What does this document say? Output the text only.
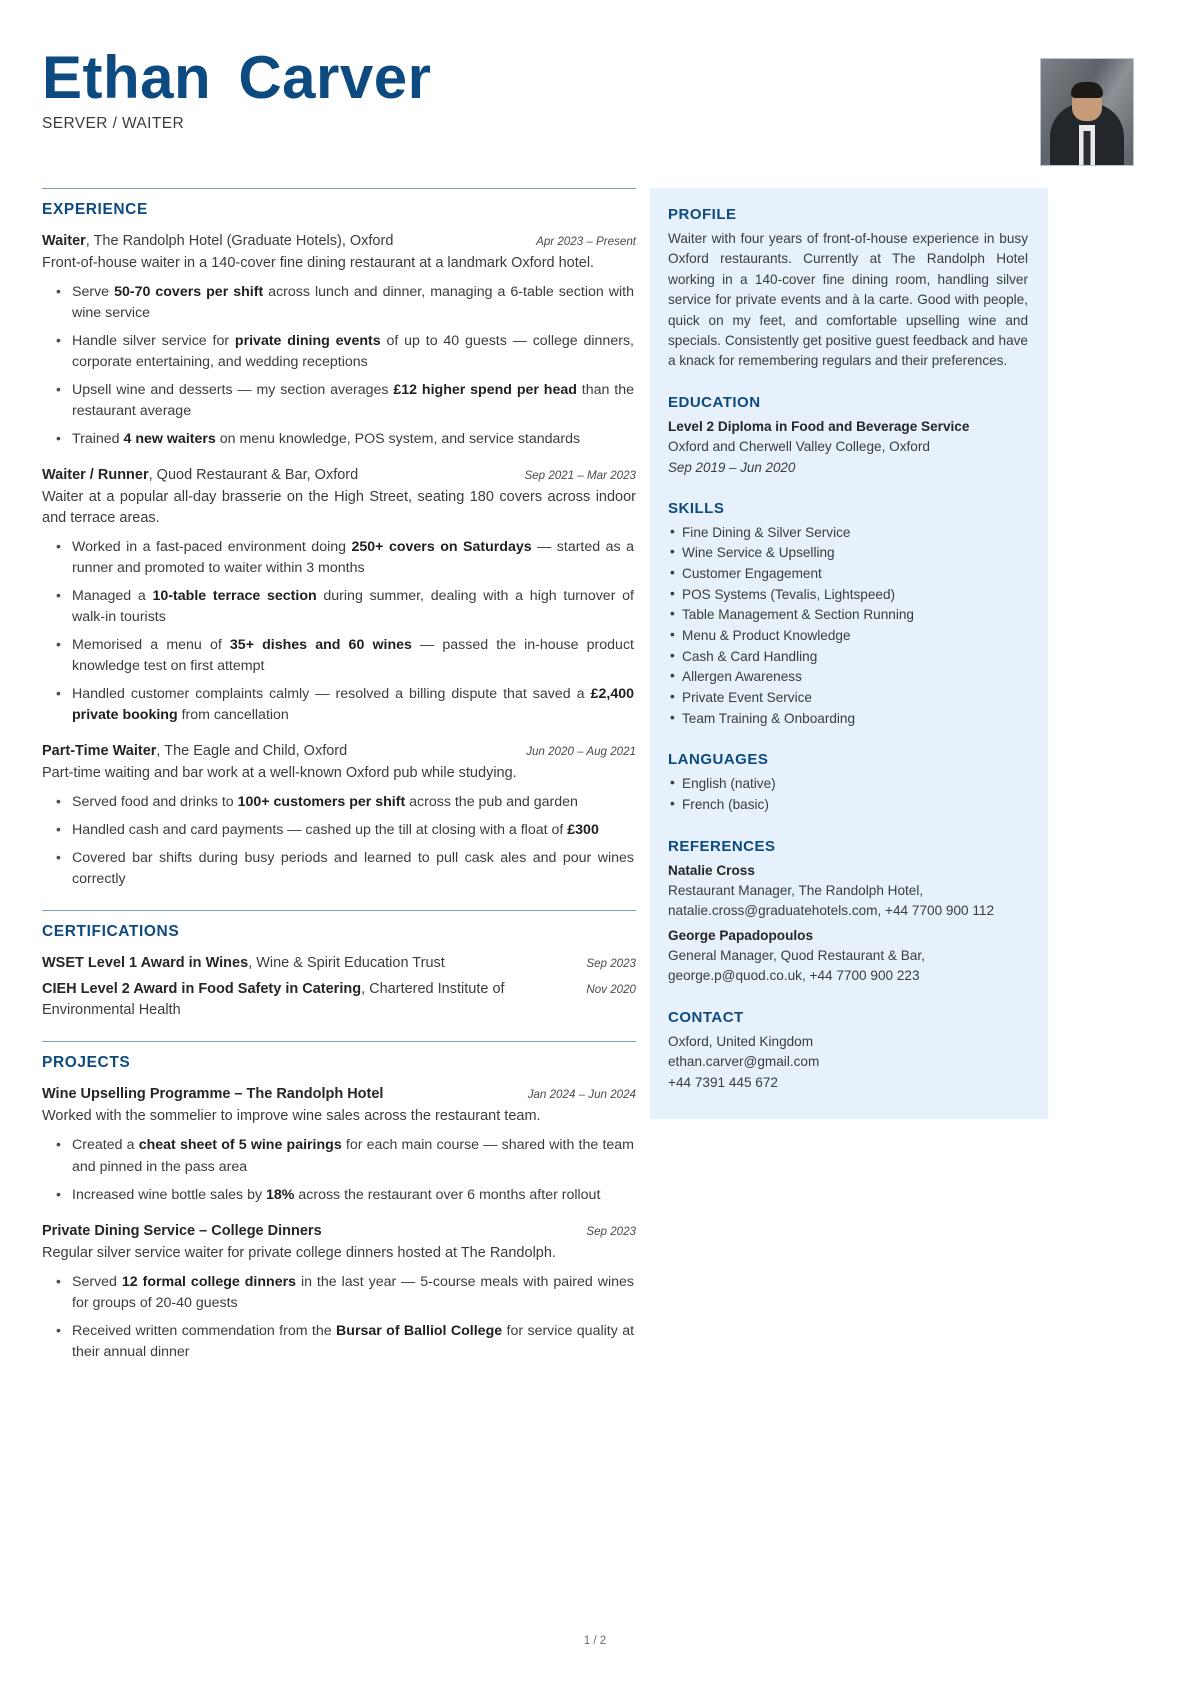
Ethan Carver

SERVER / WAITER

EXPERIENCE
Waiter, The Randolph Hotel (Graduate Hotels), Oxford	Apr 2023 – Present

Front-of-house waiter in a 140-cover fine dining restaurant at a landmark Oxford hotel.

• Serve 50-70 covers per shift across lunch and dinner, managing a 6-table section with wine service
• Handle silver service for private dining events of up to 40 guests — college dinners, corporate entertaining, and wedding receptions
• Upsell wine and desserts — my section averages £12 higher spend per head than the restaurant average
• Trained 4 new waiters on menu knowledge, POS system, and service standards
Waiter / Runner, Quod Restaurant & Bar, Oxford	Sep 2021 – Mar 2023

Waiter at a popular all-day brasserie on the High Street, seating 180 covers across indoor and terrace areas.

• Worked in a fast-paced environment doing 250+ covers on Saturdays — started as a runner and promoted to waiter within 3 months
• Managed a 10-table terrace section during summer, dealing with a high turnover of walk-in tourists
• Memorised a menu of 35+ dishes and 60 wines — passed the in-house product knowledge test on first attempt
• Handled customer complaints calmly — resolved a billing dispute that saved a £2,400 private booking from cancellation
Part-Time Waiter, The Eagle and Child, Oxford	Jun 2020 – Aug 2021

Part-time waiting and bar work at a well-known Oxford pub while studying.

• Served food and drinks to 100+ customers per shift across the pub and garden
• Handled cash and card payments — cashed up the till at closing with a float of £300
• Covered bar shifts during busy periods and learned to pull cask ales and pour wines correctly
CERTIFICATIONS
WSET Level 1 Award in Wines, Wine & Spirit Education Trust	Sep 2023
CIEH Level 2 Award in Food Safety in Catering, Chartered Institute of Environmental Health
Nov 2020
PROJECTS
Wine Upselling Programme – The Randolph Hotel	Jan 2024 – Jun 2024

Worked with the sommelier to improve wine sales across the restaurant team.

• Created a cheat sheet of 5 wine pairings for each main course — shared with the team and pinned in the pass area
• Increased wine bottle sales by 18% across the restaurant over 6 months after rollout
Private Dining Service – College Dinners	Sep 2023

Regular silver service waiter for private college dinners hosted at The Randolph.

• Served 12 formal college dinners in the last year — 5-course meals with paired wines for groups of 20-40 guests
• Received written commendation from the Bursar of Balliol College for service quality at their annual dinner
PROFILE

Waiter with four years of front-of-house experience in busy Oxford restaurants. Currently at The Randolph Hotel working in a 140-cover fine dining room, handling silver service for private events and à la carte. Good with people, quick on my feet, and comfortable upselling wine and specials. Consistently get positive guest feedback and have a knack for remembering regulars and their preferences.

EDUCATION

Level 2 Diploma in Food and Beverage Service

Oxford and Cherwell Valley College, Oxford

Sep 2019 – Jun 2020

SKILLS
• Fine Dining & Silver Service
• Wine Service & Upselling
• Customer Engagement
• POS Systems (Tevalis, Lightspeed)
• Table Management & Section Running
• Menu & Product Knowledge
• Cash & Card Handling
• Allergen Awareness
• Private Event Service
• Team Training & Onboarding
LANGUAGES
• English (native)
• French (basic)
REFERENCES

Natalie Cross

Restaurant Manager, The Randolph Hotel, natalie.cross@graduatehotels.com, +44 7700 900 112

George Papadopoulos

General Manager, Quod Restaurant & Bar, george.p@quod.co.uk, +44 7700 900 223

CONTACT

Oxford, United Kingdom

ethan.carver@gmail.com

+44 7391 445 672

1 / 2
